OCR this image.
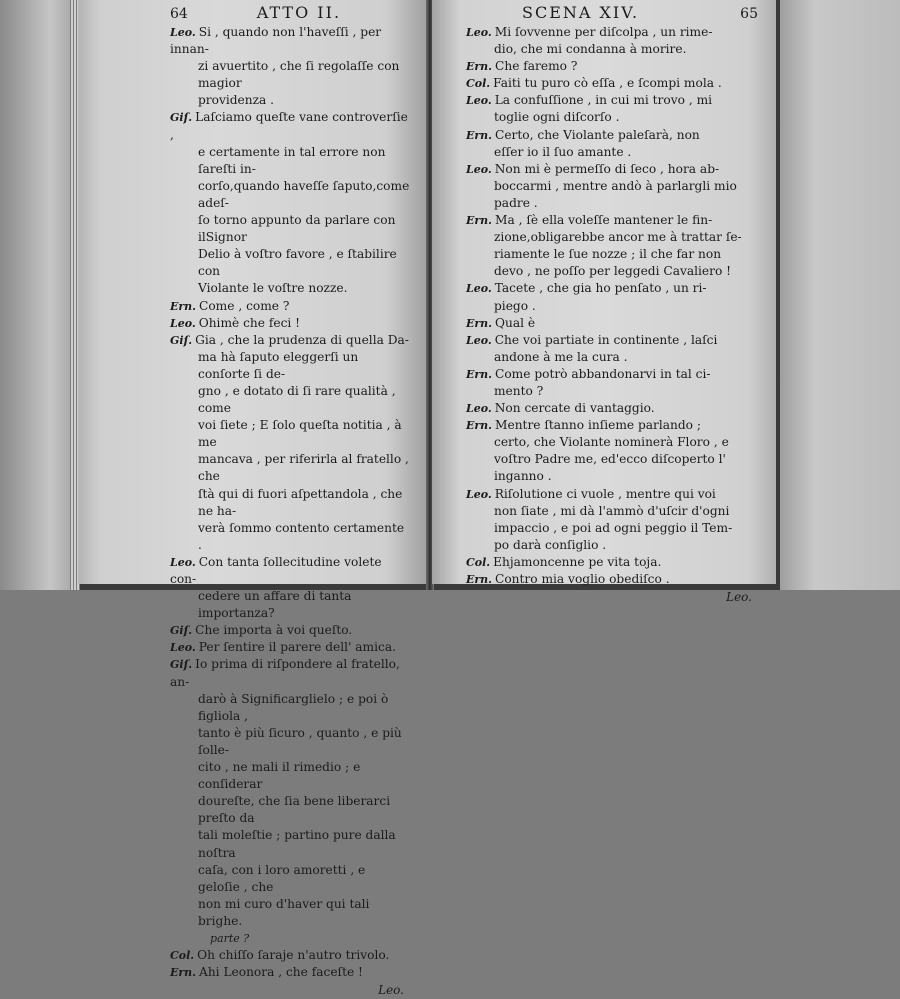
64	ATTO II.

Leo. Si , quando non l'haveſſi , per innan-

zi avuertito , che ſi regolaſſe con magior

providenza .

Giſ. Laſciamo queſte vane controverſie ,

e certamente in tal errore non ſareſti in-

corſo,quando haveſſe ſaputo,come adeſ-

ſo torno appunto da parlare con ilSignor

Delio à voſtro favore , e ſtabilire con

Violante le voſtre nozze.

Ern. Come , come ?

Leo. Ohimè che feci !

Giſ. Gia , che la prudenza di quella Da-

ma hà ſaputo eleggerſi un conſorte ſi de-

gno , e dotato di ſi rare qualità , come

voi ſiete ; E ſolo queſta notitia , à me

mancava , per riferirla al fratello , che

ſtà qui di fuori aſpettandola , che ne ha-

verà ſommo contento certamente .

Leo. Con tanta ſollecitudine volete con-

cedere un affare di tanta importanza?

Giſ. Che importa à voi queſto.

Leo. Per ſentire il parere dell' amica.

Giſ. Io prima di riſpondere al fratello, an-

darò à Significarglielo ; e poi ò figliola ,

tanto è più ſicuro , quanto , e più ſolle-

cito , ne mali il rimedio ; e conſiderar

doureſte, che ſia bene liberarci preſto da

tali moleſtie ; partino pure dalla noſtra

caſa, con i loro amoretti , e geloſie , che

non mi curo d'haver qui tali brighe.

parte ?

Col. Oh chiſſo ſaraje n'autro trivolo.

Ern. Ahi Leonora , che faceſte !

Leo.
SCENA XIV.	65

Leo. Mi ſovvenne per diſcolpa , un rime-

dio, che mi condanna à morire.

Ern. Che faremo ?

Col. Faiti tu puro cò eſſa , e ſcompi mola .

Leo. La confuſſione , in cui mi trovo , mi

toglie ogni diſcorſo .

Ern. Certo, che Violante paleſarà, non

eſſer io il ſuo amante .

Leo. Non mi è permeſſo di ſeco , hora ab-

boccarmi , mentre andò à parlargli mio

padre .

Ern. Ma , ſè ella voleſſe mantener le fin-

zione,obligarebbe ancor me à trattar ſe-

riamente le ſue nozze ; il che far non

devo , ne poſſo per leggedi Cavaliero !

Leo. Tacete , che gia ho penſato , un ri-

piego .

Ern. Qual è

Leo. Che voi partiate in continente , laſci

andone à me la cura .

Ern. Come potrò abbandonarvi in tal ci-

mento ?

Leo. Non cercate di vantaggio.

Ern. Mentre ſtanno inſieme parlando ;

certo, che Violante nominerà Floro , e

voſtro Padre me, ed'ecco diſcoperto l'

inganno .

Leo. Riſolutione ci vuole , mentre qui voi

non ſiate , mi dà l'ammò d'uſcir d'ogni

impaccio , e poi ad ogni peggio il Tem-

po darà conſiglio .

Col. Ehjamoncenne pe vita toja.

Ern. Contro mia voglio obediſco .

Leo.
